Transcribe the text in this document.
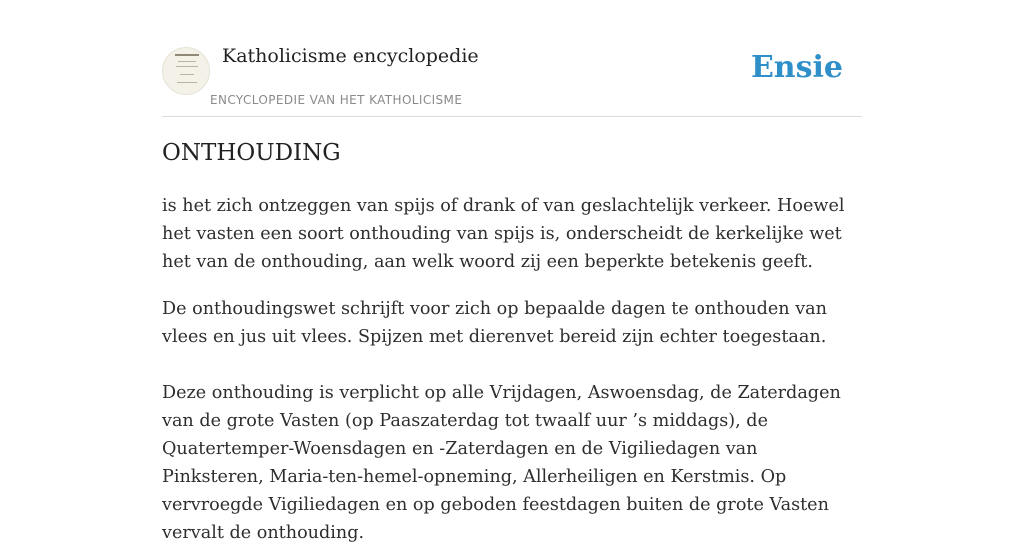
Katholicisme encyclopedie
ENCYCLOPEDIE VAN HET KATHOLICISME
Ensie
ONTHOUDING

is het zich ontzeggen van spijs of drank of van geslachtelijk verkeer. Hoewel het vasten een soort onthouding van spijs is, onderscheidt de kerkelijke wet het van de onthouding, aan welk woord zij een beperkte betekenis geeft.

De onthoudingswet schrijft voor zich op bepaalde dagen te onthouden van vlees en jus uit vlees. Spijzen met dierenvet bereid zijn echter toegestaan.

Deze onthouding is verplicht op alle Vrijdagen, Aswoensdag, de Zaterdagen van de grote Vasten (op Paaszaterdag tot twaalf uur ’s middags), de Quatertemper-Woensdagen en -Zaterdagen en de Vigiliedagen van Pinksteren, Maria-ten-hemel-opneming, Allerheiligen en Kerstmis. Op vervroegde Vigiliedagen en op geboden feestdagen buiten de grote Vasten vervalt de onthouding.
